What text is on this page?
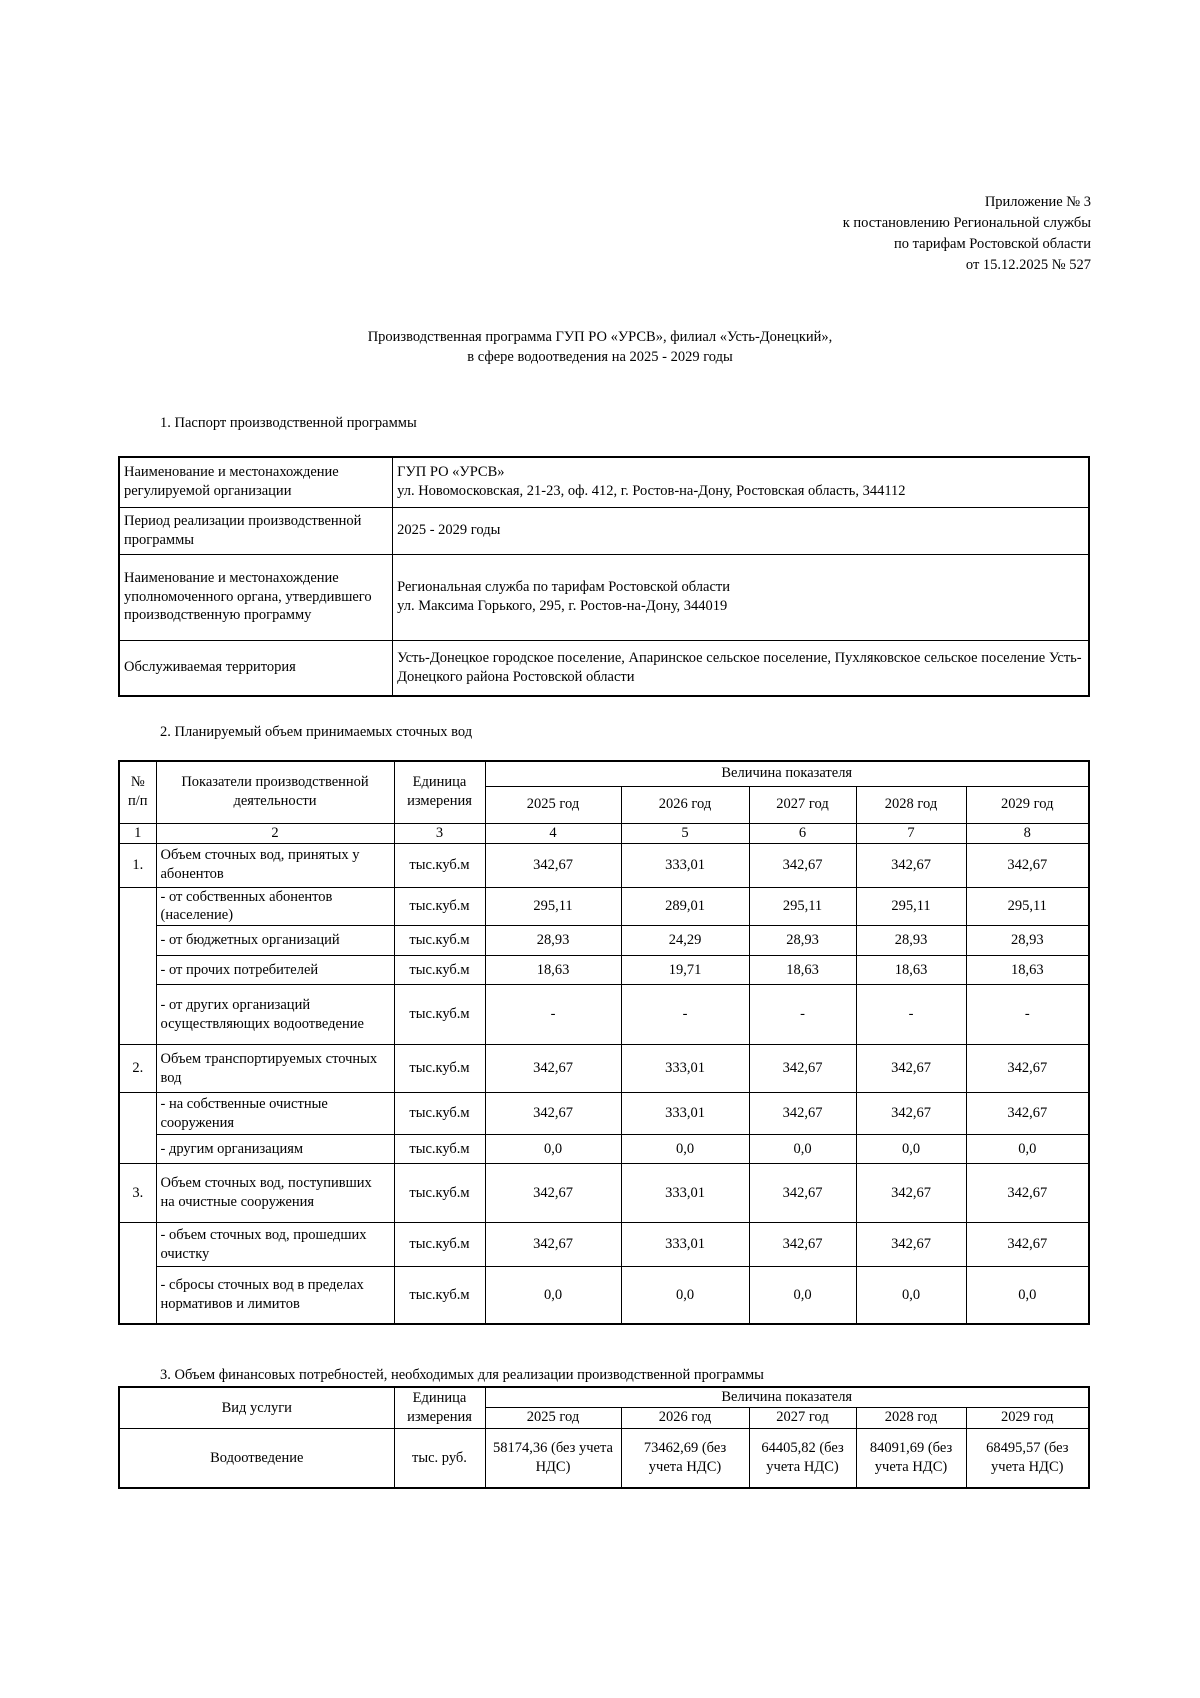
Приложение № 3
к постановлению Региональной службы
по тарифам Ростовской области
от 15.12.2025 № 527
Производственная программа ГУП РО «УРСВ», филиал «Усть-Донецкий»,
в сфере водоотведения на 2025 - 2029 годы
1. Паспорт производственной программы
Наименование и местонахождение регулируемой организации	ГУП РО «УРСВ»
ул. Новомосковская, 21-23, оф. 412, г. Ростов-на-Дону, Ростовская область, 344112

Период реализации производственной программы	2025 - 2029 годы
Наименование и местонахождение уполномоченного органа, утвердившего производственную программу	Региональная служба по тарифам Ростовской области
ул. Максима Горького, 295, г. Ростов-на-Дону, 344019

Обслуживаемая территория	Усть-Донецкое городское поселение, Апаринское сельское поселение, Пухляковское сельское поселение Усть-Донецкого района Ростовской области
2. Планируемый объем принимаемых сточных вод
№ п/п	Показатели производственной деятельности	Единица измерения	Величина показателя				
			2025 год	2026 год	2027 год	2028 год	2029 год
1	2	3	4	5	6	7	8
1.	Объем сточных вод, принятых у абонентов	тыс.куб.м	342,67	333,01	342,67	342,67	342,67
	- от собственных абонентов (население)	тыс.куб.м	295,11	289,01	295,11	295,11	295,11
	- от бюджетных организаций	тыс.куб.м	28,93	24,29	28,93	28,93	28,93
	- от прочих потребителей	тыс.куб.м	18,63	19,71	18,63	18,63	18,63
	- от других организаций осуществляющих водоотведение	тыс.куб.м	-	-	-	-	-
2.	Объем транспортируемых сточных вод	тыс.куб.м	342,67	333,01	342,67	342,67	342,67
	- на собственные очистные сооружения	тыс.куб.м	342,67	333,01	342,67	342,67	342,67
	- другим организациям	тыс.куб.м	0,0	0,0	0,0	0,0	0,0
3.	Объем сточных вод, поступивших на очистные сооружения	тыс.куб.м	342,67	333,01	342,67	342,67	342,67
	- объем сточных вод, прошедших очистку	тыс.куб.м	342,67	333,01	342,67	342,67	342,67
	- сбросы сточных вод в пределах нормативов и лимитов	тыс.куб.м	0,0	0,0	0,0	0,0	0,0
3. Объем финансовых потребностей, необходимых для реализации производственной программы
Вид услуги	Единица измерения	Величина показателя				
		2025 год	2026 год	2027 год	2028 год	2029 год
Водоотведение	тыс. руб.	58174,36 (без учета НДС)	73462,69 (без учета НДС)	64405,82 (без учета НДС)	84091,69 (без учета НДС)	68495,57 (без учета НДС)
